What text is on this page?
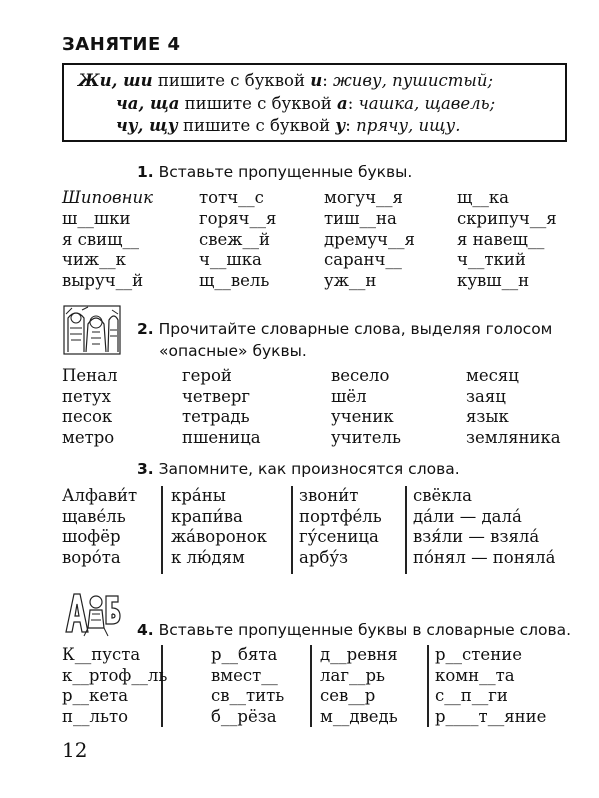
ЗАНЯТИЕ 4
Жи, ши пишите с буквой и: живу, пушистый;
ча, ща пишите с буквой а: чашка, щавель;
чу, щу пишите с буквой у: прячу, ищу.
1. Вставьте пропущенные буквы.
Шиповник
ш__шки
я свищ__
чиж__к
выруч__й
тотч__с
горяч__я
свеж__й
ч__шка
щ__вель
могуч__я
тиш__на
дремуч__я
саранч__
уж__н
щ__ка
скрипуч__я
я навещ__
ч__ткий
кувш__н
2. Прочитайте словарные слова, выделяя голосом
«опасные» буквы.
Пенал
петух
песок
метро
герой
четверг
тетрадь
пшеница
весело
шёл
ученик
учитель
месяц
заяц
язык
земляника
3. Запомните, как произносятся слова.
Алфави́т
щаве́ль
шофёр
воро́та
кра́ны
крапи́ва
жа́воронок
к лю́дям
звони́т
портфе́ль
гу́сеница
арбу́з
свёкла
да́ли — дала́
взя́ли — взяла́
по́нял — поняла́
4. Вставьте пропущенные буквы в словарные слова.
К__пуста
к__ртоф__ль
р__кета
п__льто
р__бята
вмест__
св__тить
б__рёза
д__ревня
лаг__рь
сев__р
м__дведь
р__стение
комн__та
с__п__ги
р____т__яние
12
